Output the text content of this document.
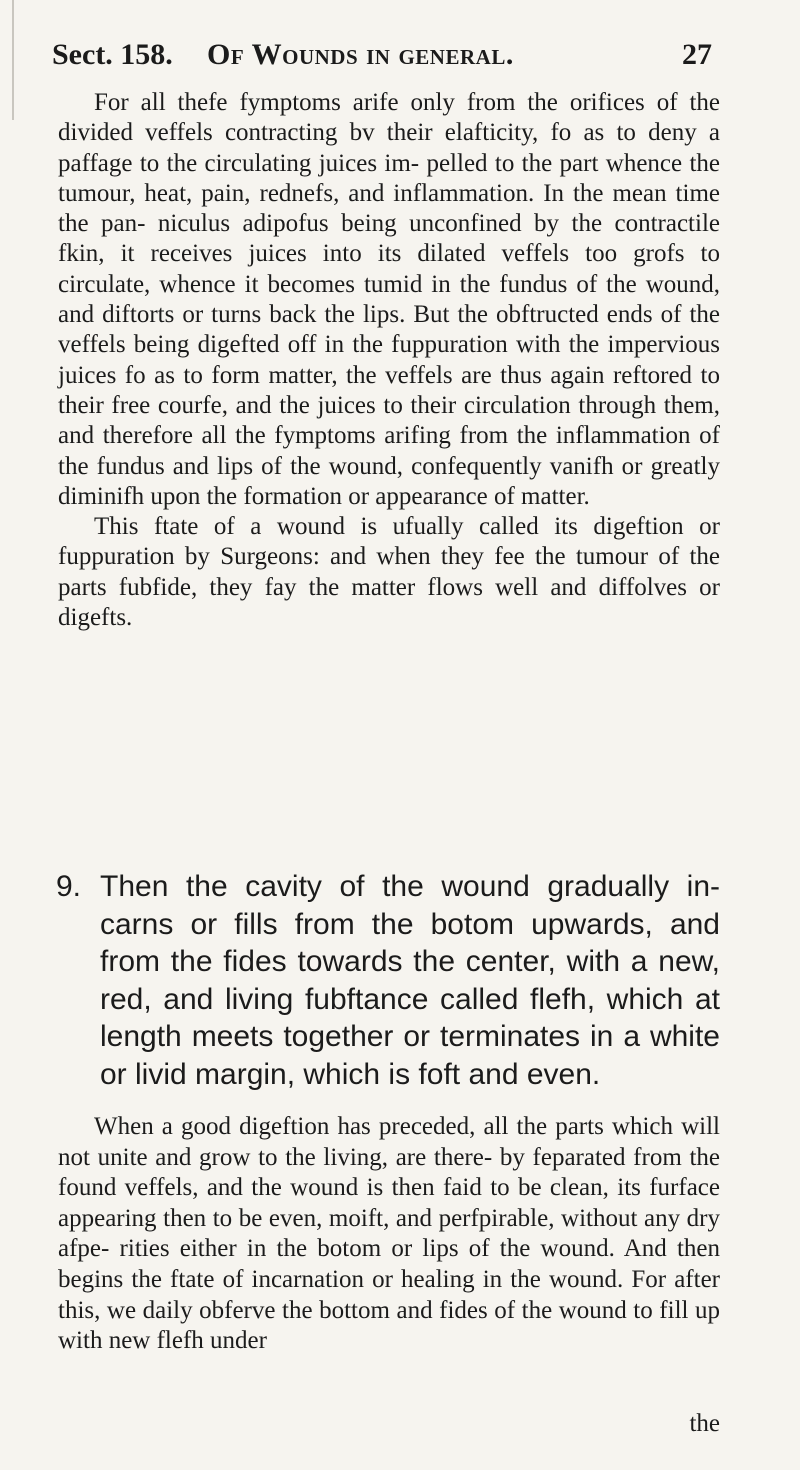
Sect. 158. Of Wounds in general.	27

For all thefe fymptoms arife only from the orifices of the divided veffels contracting bv their elafticity, fo as to deny a paffage to the circulating juices im- pelled to the part whence the tumour, heat, pain, rednefs, and inflammation. In the mean time the pan- niculus adipofus being unconfined by the contractile fkin, it receives juices into its dilated veffels too grofs to circulate, whence it becomes tumid in the fundus of the wound, and diftorts or turns back the lips. But the obftructed ends of the veffels being digefted off in the fuppuration with the impervious juices fo as to form matter, the veffels are thus again reftored to their free courfe, and the juices to their circulation through them, and therefore all the fymptoms arifing from the inflammation of the fundus and lips of the wound, confequently vanifh or greatly diminifh upon the formation or appearance of matter.

This ftate of a wound is ufually called its digeftion or fuppuration by Surgeons: and when they fee the tumour of the parts fubfide, they fay the matter flows well and diffolves or digefts.

9. Then the cavity of the wound gradually in- carns or fills from the botom upwards, and from the fides towards the center, with a new, red, and living fubftance called flefh, which at length meets together or terminates in a white or livid margin, which is foft and even.

When a good digeftion has preceded, all the parts which will not unite and grow to the living, are there- by feparated from the found veffels, and the wound is then faid to be clean, its furface appearing then to be even, moift, and perfpirable, without any dry afpe- rities either in the botom or lips of the wound. And then begins the ftate of incarnation or healing in the wound. For after this, we daily obferve the bottom and fides of the wound to fill up with new flefh under

the
